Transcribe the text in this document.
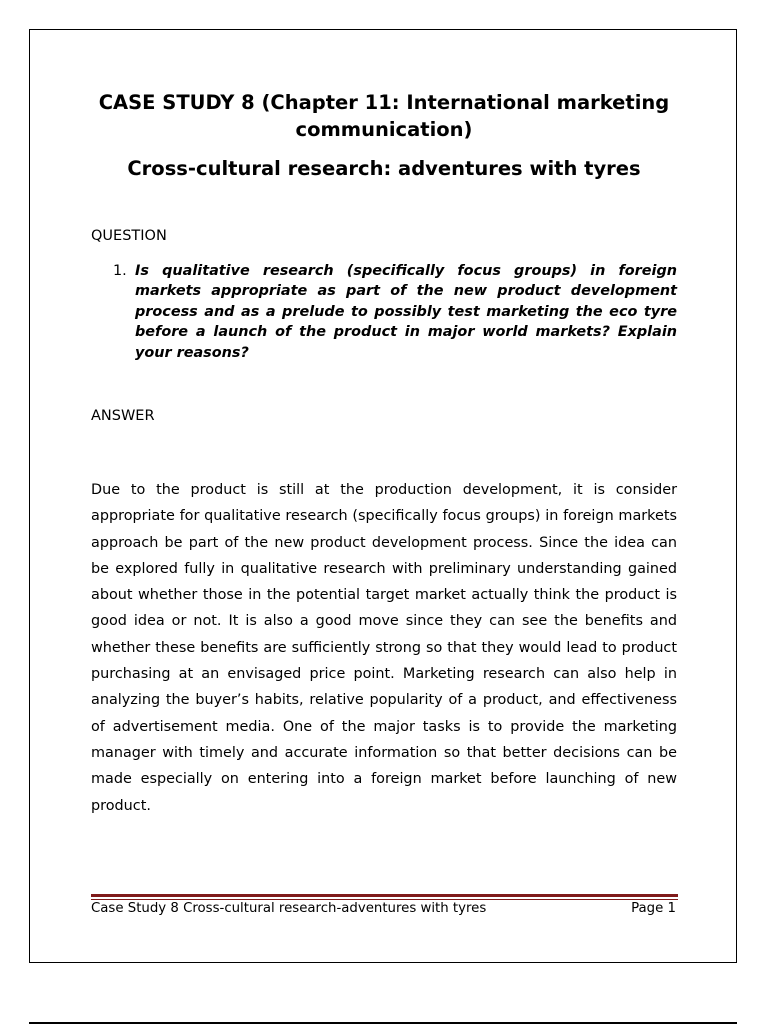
CASE STUDY 8 (Chapter 11: International marketing communication)
Cross-cultural research: adventures with tyres

QUESTION

1. Is qualitative research (specifically focus groups) in foreign markets appropriate as part of the new product development process and as a prelude to possibly test marketing the eco tyre before a launch of the product in major world markets? Explain your reasons?

ANSWER

Due to the product is still at the production development, it is consider appropriate for qualitative research (specifically focus groups) in foreign markets approach be part of the new product development process. Since the idea can be explored fully in qualitative research with preliminary understanding gained about whether those in the potential target market actually think the product is good idea or not. It is also a good move since they can see the benefits and whether these benefits are sufficiently strong so that they would lead to product purchasing at an envisaged price point. Marketing research can also help in analyzing the buyer’s habits, relative popularity of a product, and effectiveness of advertisement media. One of the major tasks is to provide the marketing manager with timely and accurate information so that better decisions can be made especially on entering into a foreign market before launching of new product.

Case Study 8 Cross-cultural research-adventures with tyres	Page 1
